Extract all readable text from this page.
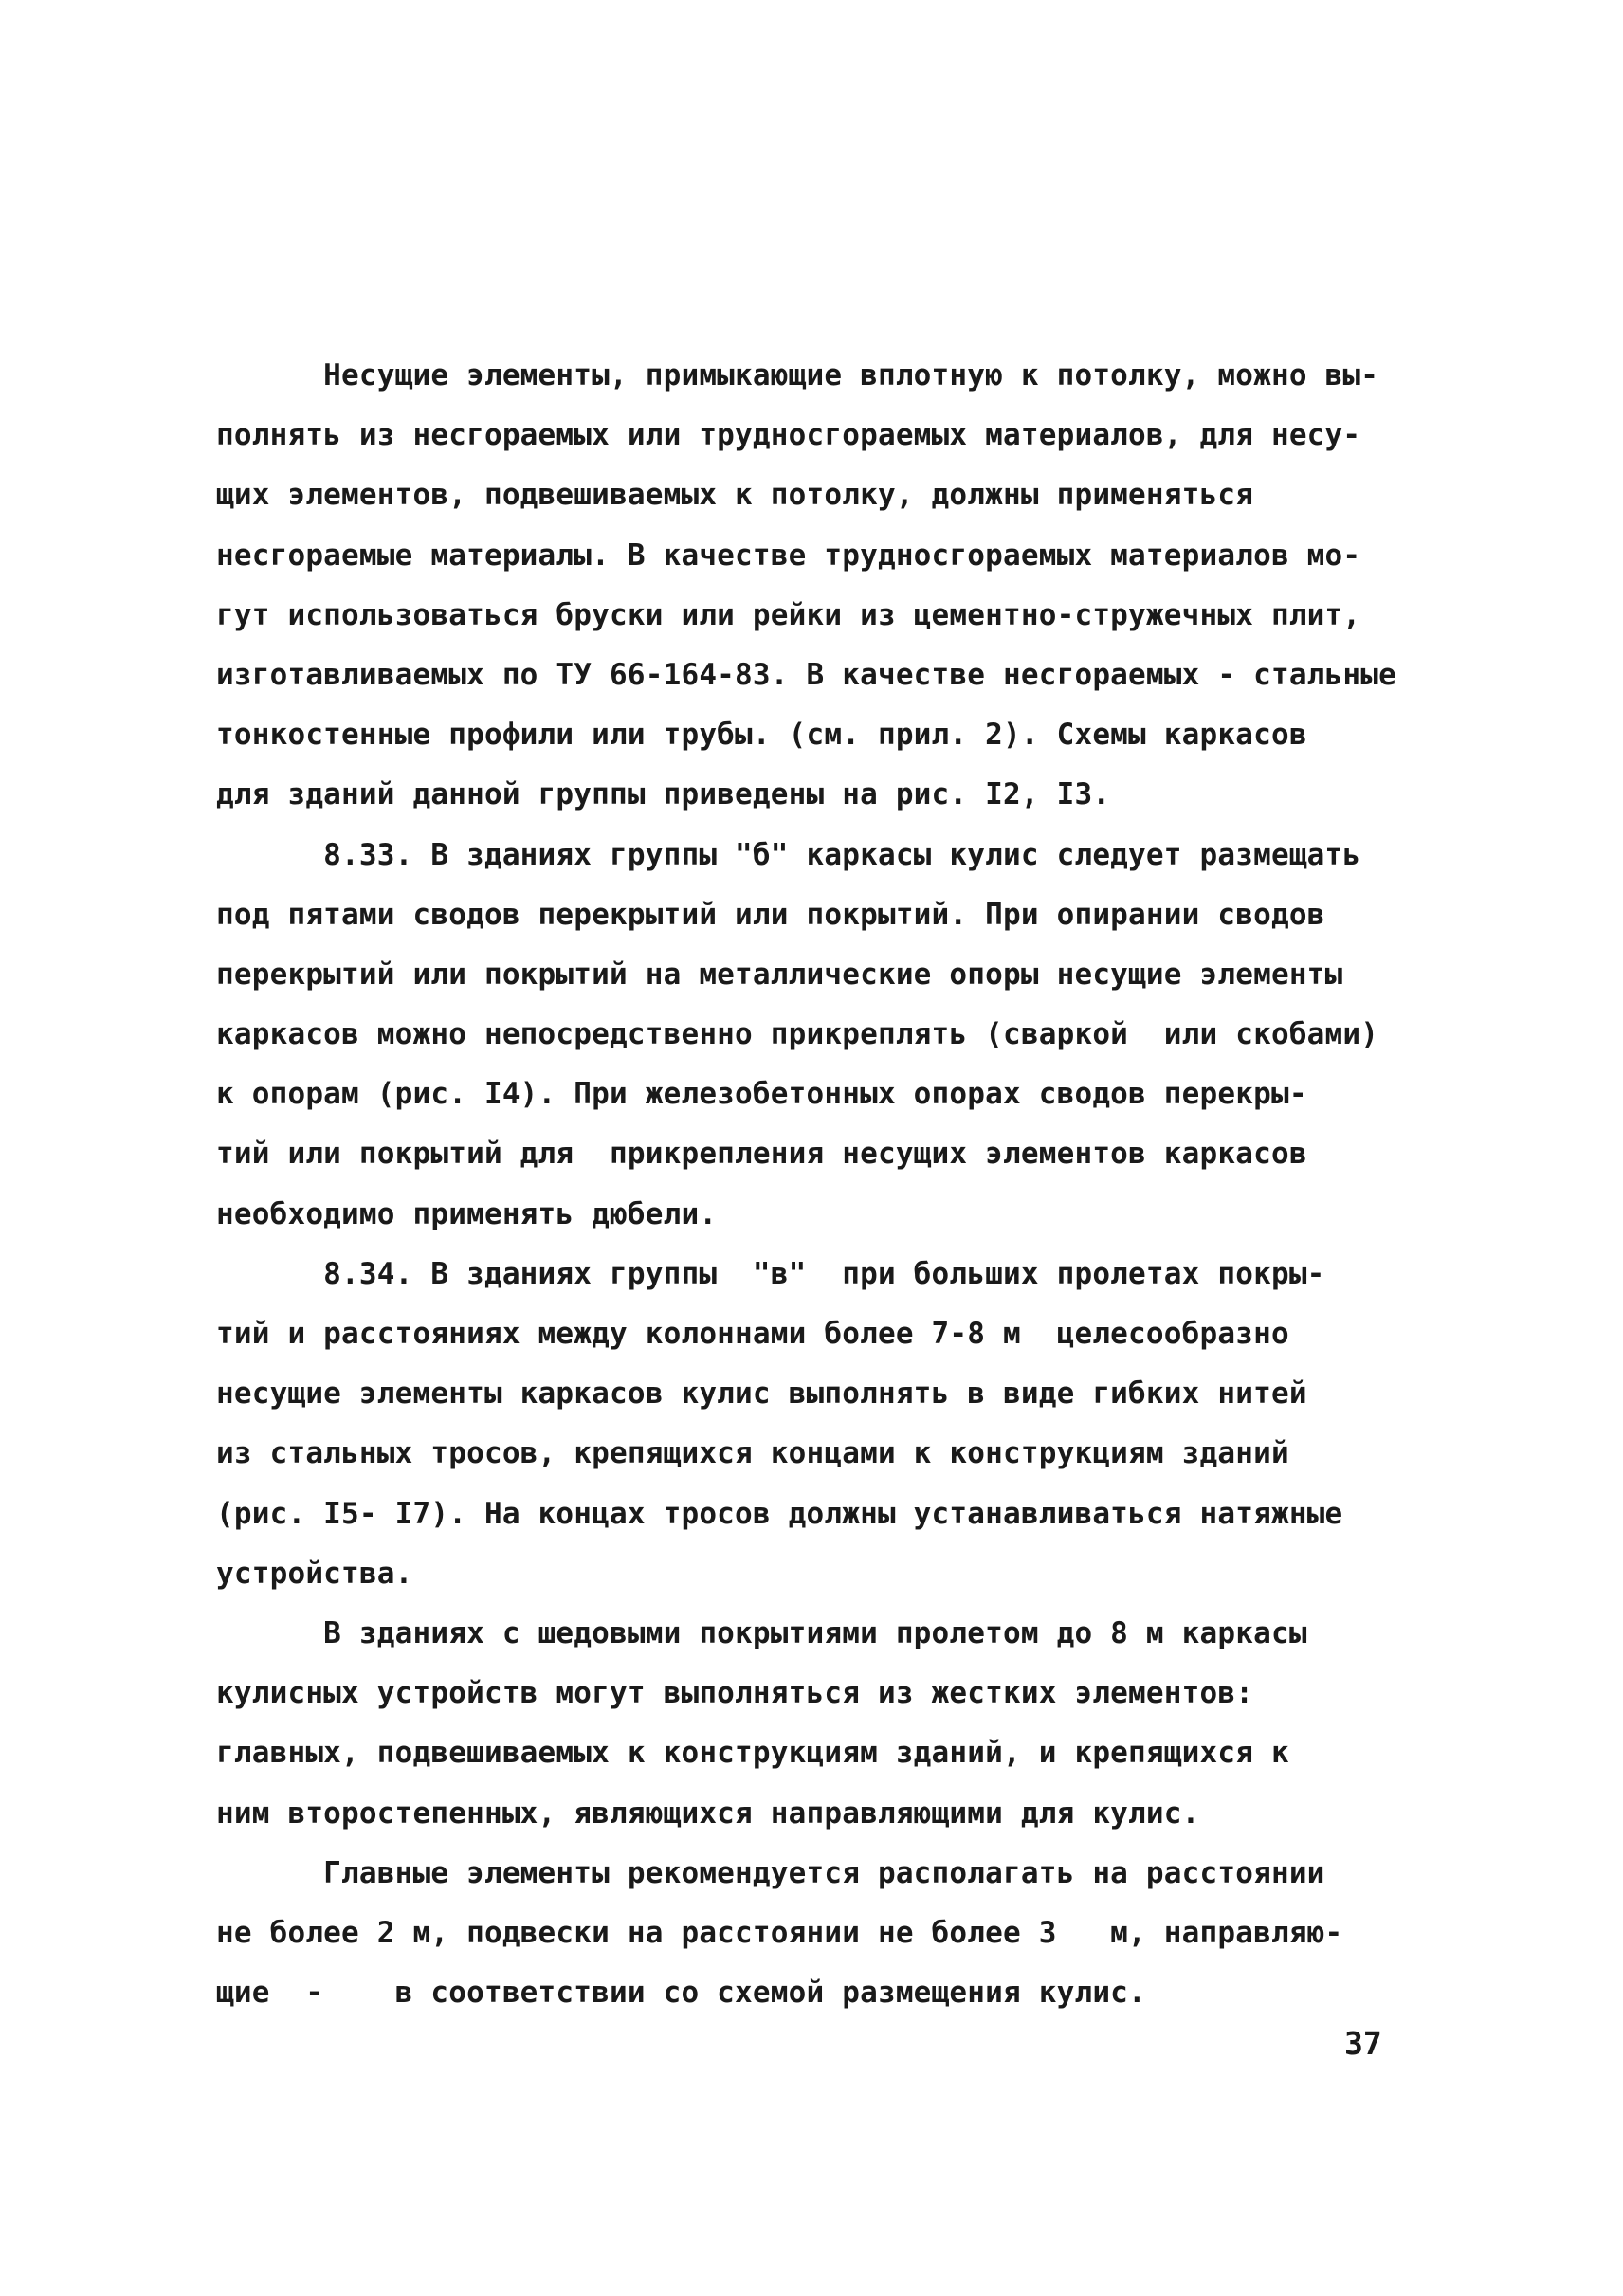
Несущие элементы, примыкающие вплотную к потолку, можно вы-
полнять из несгораемых или трудносгораемых материалов, для несу-
щих элементов, подвешиваемых к потолку, должны применяться
несгораемые материалы. В качестве трудносгораемых материалов мо-
гут использоваться бруски или рейки из цементно-стружечных плит,
изготавливаемых по ТУ 66-164-83. В качестве несгораемых - стальные
тонкостенные профили или трубы. (см. прил. 2). Схемы каркасов
для зданий данной группы приведены на рис. I2, I3.
8.33. В зданиях группы "б" каркасы кулис следует размещать
под пятами сводов перекрытий или покрытий. При опирании сводов
перекрытий или покрытий на металлические опоры несущие элементы
каркасов можно непосредственно прикреплять (сваркой  или скобами)
к опорам (рис. I4). При железобетонных опорах сводов перекры-
тий или покрытий для  прикрепления несущих элементов каркасов
необходимо применять дюбели.
8.34. В зданиях группы  "в"  при больших пролетах покры-
тий и расстояниях между колоннами более 7-8 м  целесообразно
несущие элементы каркасов кулис выполнять в виде гибких нитей
из стальных тросов, крепящихся концами к конструкциям зданий
(рис. I5- I7). На концах тросов должны устанавливаться натяжные
устройства.
В зданиях с шедовыми покрытиями пролетом до 8 м каркасы
кулисных устройств могут выполняться из жестких элементов:
главных, подвешиваемых к конструкциям зданий, и крепящихся к
ним второстепенных, являющихся направляющими для кулис.
Главные элементы рекомендуется располагать на расстоянии
не более 2 м, подвески на расстоянии не более 3   м, направляю-
щие  -    в соответствии со схемой размещения кулис.
37
